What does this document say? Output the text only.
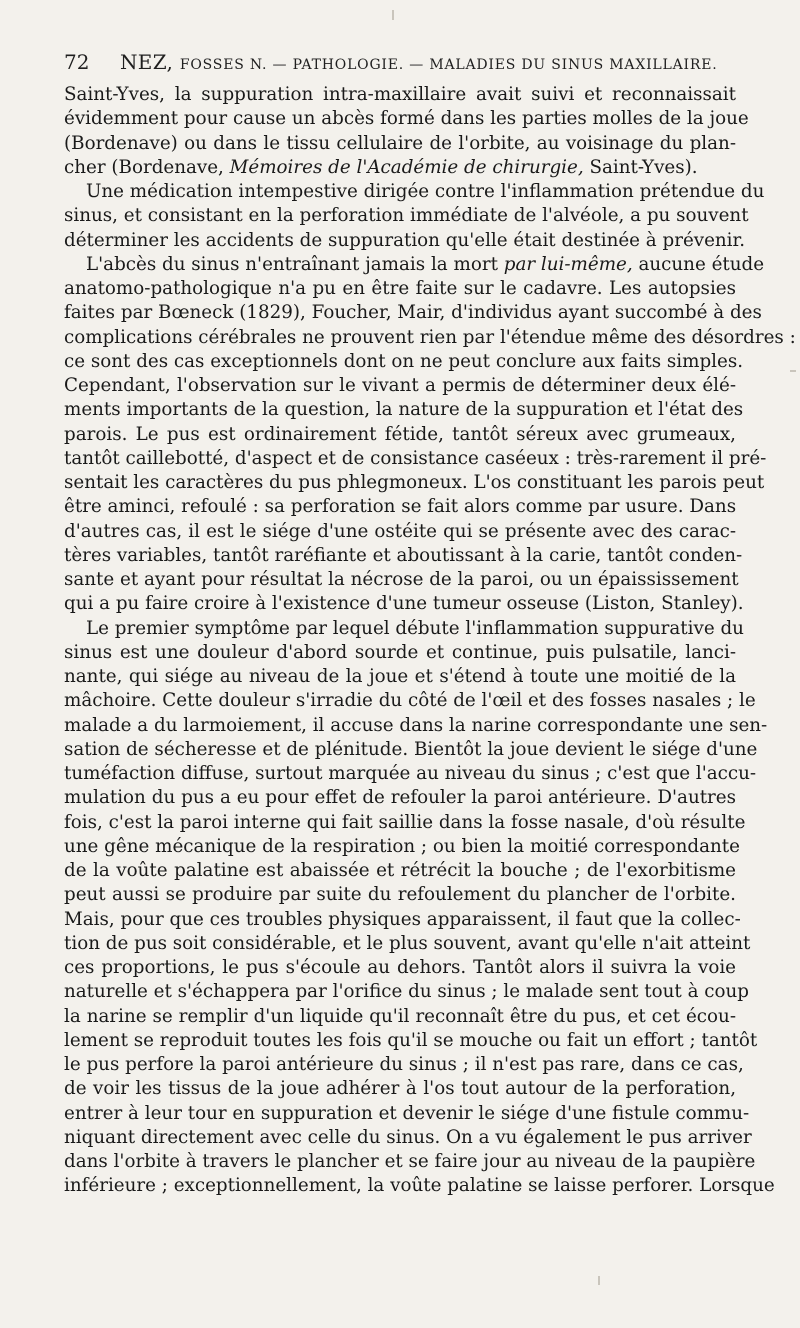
72 NEZ, FOSSES N. — PATHOLOGIE. — MALADIES DU SINUS MAXILLAIRE.
Saint-Yves, la suppuration intra-maxillaire avait suivi et reconnaissait
évidemment pour cause un abcès formé dans les parties molles de la joue
(Bordenave) ou dans le tissu cellulaire de l'orbite, au voisinage du plan-
cher (Bordenave, Mémoires de l'Académie de chirurgie, Saint-Yves).
Une médication intempestive dirigée contre l'inflammation prétendue du
sinus, et consistant en la perforation immédiate de l'alvéole, a pu souvent
déterminer les accidents de suppuration qu'elle était destinée à prévenir.
L'abcès du sinus n'entraînant jamais la mort par lui-même, aucune étude
anatomo-pathologique n'a pu en être faite sur le cadavre. Les autopsies
faites par Bœneck (1829), Foucher, Mair, d'individus ayant succombé à des
complications cérébrales ne prouvent rien par l'étendue même des désordres :
ce sont des cas exceptionnels dont on ne peut conclure aux faits simples.
Cependant, l'observation sur le vivant a permis de déterminer deux élé-
ments importants de la question, la nature de la suppuration et l'état des
parois. Le pus est ordinairement fétide, tantôt séreux avec grumeaux,
tantôt caillebotté, d'aspect et de consistance caséeux : très-rarement il pré-
sentait les caractères du pus phlegmoneux. L'os constituant les parois peut
être aminci, refoulé : sa perforation se fait alors comme par usure. Dans
d'autres cas, il est le siége d'une ostéite qui se présente avec des carac-
tères variables, tantôt raréfiante et aboutissant à la carie, tantôt conden-
sante et ayant pour résultat la nécrose de la paroi, ou un épaississement
qui a pu faire croire à l'existence d'une tumeur osseuse (Liston, Stanley).
Le premier symptôme par lequel débute l'inflammation suppurative du
sinus est une douleur d'abord sourde et continue, puis pulsatile, lanci-
nante, qui siége au niveau de la joue et s'étend à toute une moitié de la
mâchoire. Cette douleur s'irradie du côté de l'œil et des fosses nasales ; le
malade a du larmoiement, il accuse dans la narine correspondante une sen-
sation de sécheresse et de plénitude. Bientôt la joue devient le siége d'une
tuméfaction diffuse, surtout marquée au niveau du sinus ; c'est que l'accu-
mulation du pus a eu pour effet de refouler la paroi antérieure. D'autres
fois, c'est la paroi interne qui fait saillie dans la fosse nasale, d'où résulte
une gêne mécanique de la respiration ; ou bien la moitié correspondante
de la voûte palatine est abaissée et rétrécit la bouche ; de l'exorbitisme
peut aussi se produire par suite du refoulement du plancher de l'orbite.
Mais, pour que ces troubles physiques apparaissent, il faut que la collec-
tion de pus soit considérable, et le plus souvent, avant qu'elle n'ait atteint
ces proportions, le pus s'écoule au dehors. Tantôt alors il suivra la voie
naturelle et s'échappera par l'orifice du sinus ; le malade sent tout à coup
la narine se remplir d'un liquide qu'il reconnaît être du pus, et cet écou-
lement se reproduit toutes les fois qu'il se mouche ou fait un effort ; tantôt
le pus perfore la paroi antérieure du sinus ; il n'est pas rare, dans ce cas,
de voir les tissus de la joue adhérer à l'os tout autour de la perforation,
entrer à leur tour en suppuration et devenir le siége d'une fistule commu-
niquant directement avec celle du sinus. On a vu également le pus arriver
dans l'orbite à travers le plancher et se faire jour au niveau de la paupière
inférieure ; exceptionnellement, la voûte palatine se laisse perforer. Lorsque
